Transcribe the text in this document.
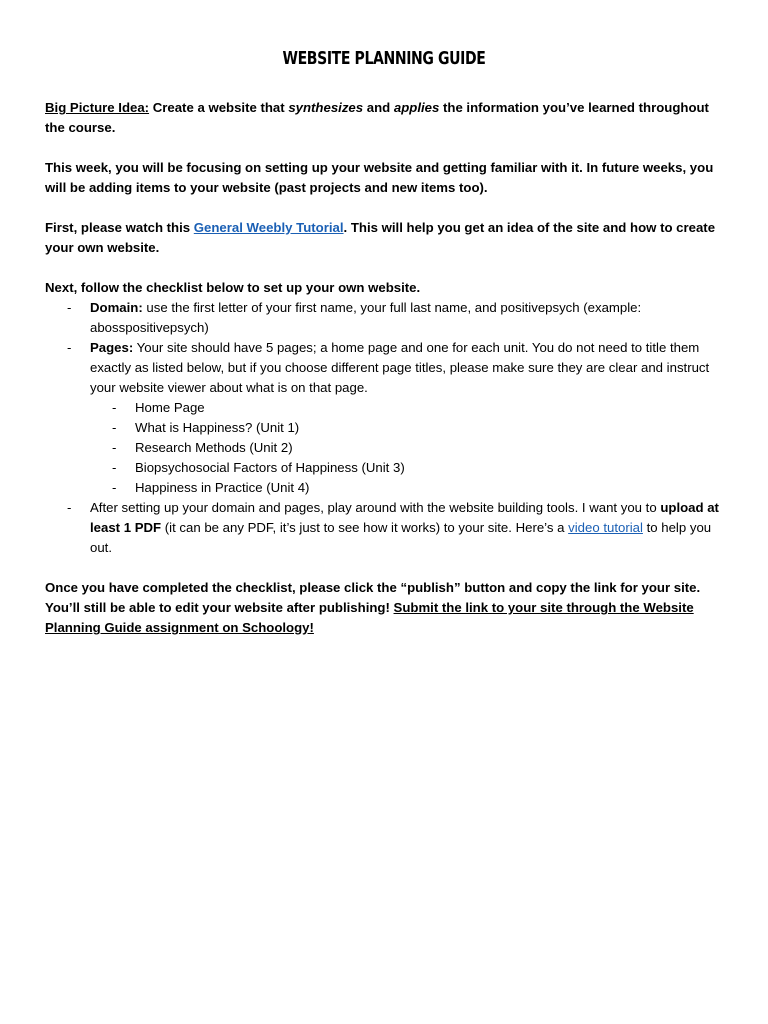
WEBSITE PLANNING GUIDE

Big Picture Idea: Create a website that synthesizes and applies the information you’ve learned throughout the course.

This week, you will be focusing on setting up your website and getting familiar with it. In future weeks, you will be adding items to your website (past projects and new items too).

First, please watch this General Weebly Tutorial. This will help you get an idea of the site and how to create your own website.

Next, follow the checklist below to set up your own website.

- Domain: use the first letter of your first name, your full last name, and positivepsych (example: abosspositivepsych)
- Pages: Your site should have 5 pages; a home page and one for each unit. You do not need to title them exactly as listed below, but if you choose different page titles, please make sure they are clear and instruct your website viewer about what is on that page.
- Home Page
- What is Happiness? (Unit 1)
- Research Methods (Unit 2)
- Biopsychosocial Factors of Happiness (Unit 3)
- Happiness in Practice (Unit 4)
- After setting up your domain and pages, play around with the website building tools. I want you to upload at least 1 PDF (it can be any PDF, it’s just to see how it works) to your site. Here’s a video tutorial to help you out.

Once you have completed the checklist, please click the “publish” button and copy the link for your site. You’ll still be able to edit your website after publishing! Submit the link to your site through the Website Planning Guide assignment on Schoology!
